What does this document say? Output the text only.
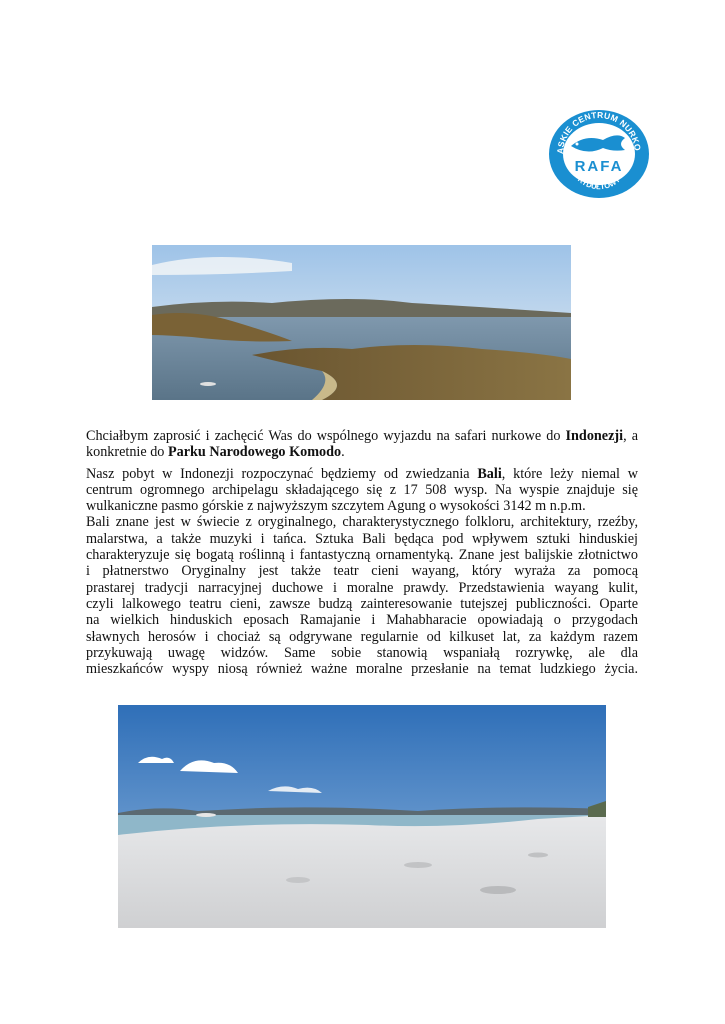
ĄSKIE CENTRUM NURKO
RYDUŁTOWY
RAFA

Chciałbym zaprosić i zachęcić Was do wspólnego wyjazdu na safari nurkowe do Indonezji, a
konkretnie do Parku Narodowego Komodo.

Nasz pobyt w Indonezji rozpoczynać będziemy od zwiedzania Bali, które leży niemal w
centrum ogromnego archipelagu składającego się z 17 508 wysp. Na wyspie znajduje się
wulkaniczne pasmo górskie z najwyższym szczytem Agung o wysokości 3142 m n.p.m.
Bali znane jest w świecie z oryginalnego, charakterystycznego folkloru, architektury, rzeźby,
malarstwa, a także muzyki i tańca. Sztuka Bali będąca pod wpływem sztuki hinduskiej
charakteryzuje się bogatą roślinną i fantastyczną ornamentyką. Znane jest balijskie złotnictwo
i płatnerstwo Oryginalny jest także teatr cieni wayang, który wyraża za pomocą
prastarej tradycji narracyjnej duchowe i moralne prawdy. Przedstawienia wayang kulit,
czyli lalkowego teatru cieni, zawsze budzą zainteresowanie tutejszej publiczności. Oparte
na wielkich hinduskich eposach Ramajanie i Mahabharacie opowiadają o przygodach
sławnych herosów i chociaż są odgrywane regularnie od kilkuset lat, za każdym razem
przykuwają uwagę widzów. Same sobie stanowią wspaniałą rozrywkę, ale dla
mieszkańców wyspy niosą również ważne moralne przesłanie na temat ludzkiego życia.
